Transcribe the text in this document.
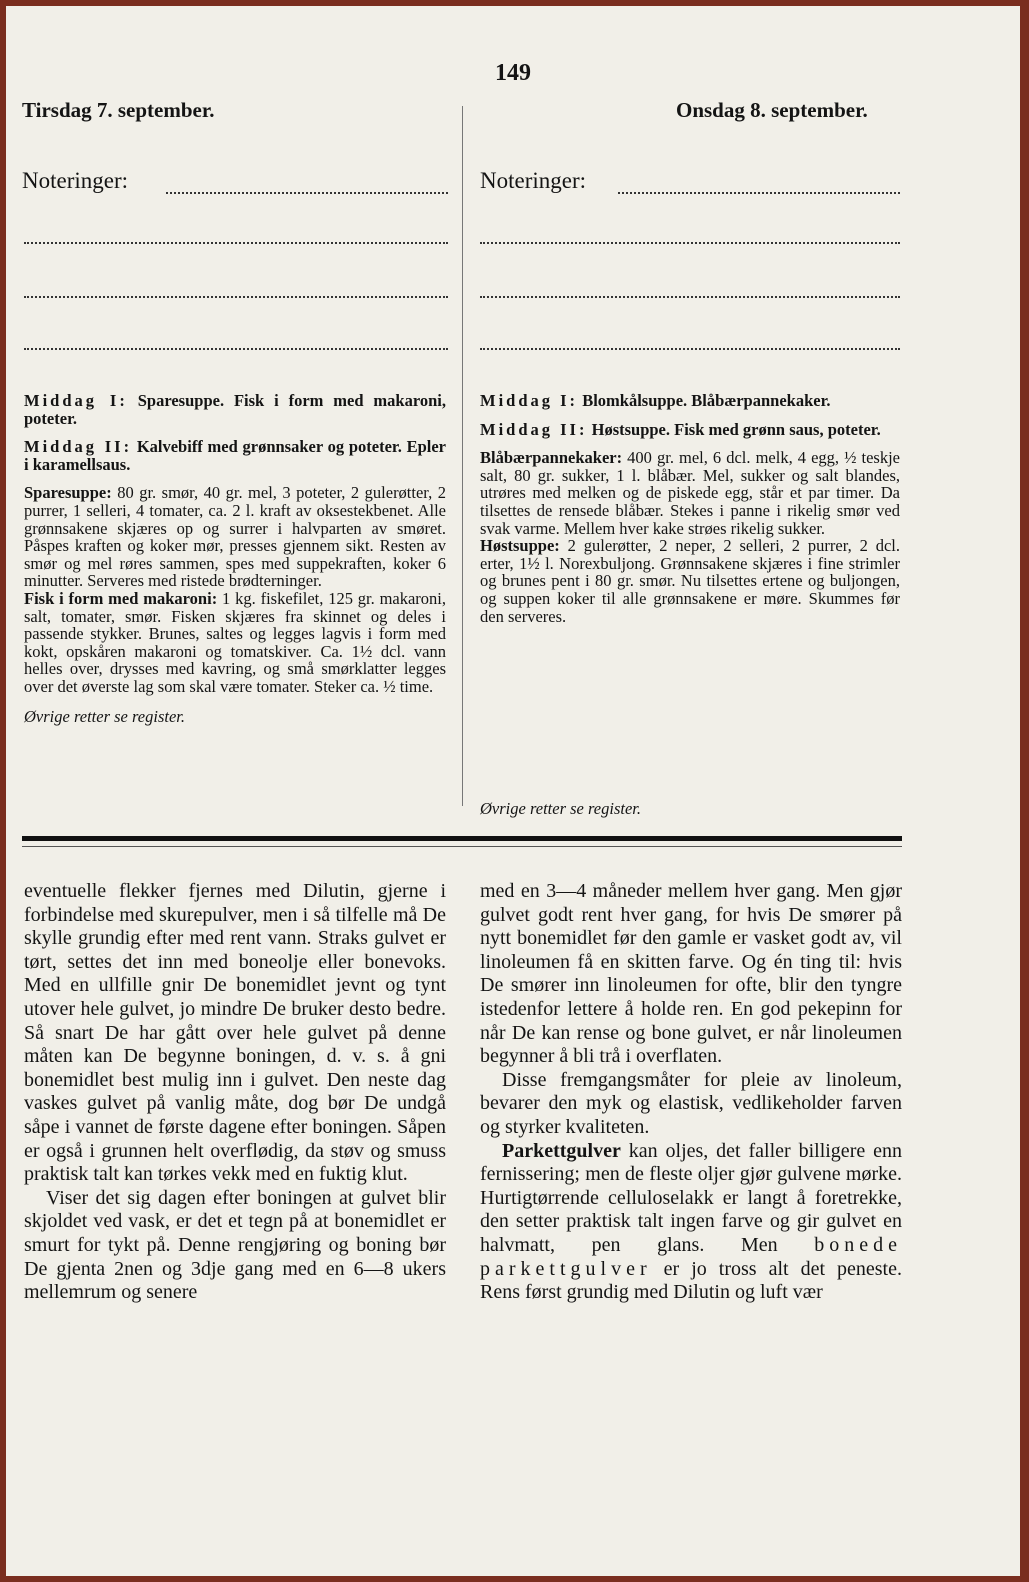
149
Tirsdag 7. september.
Noteringer:

Middag I: Sparesuppe. Fisk i form med makaroni, poteter.

Middag II: Kalvebiff med grønnsaker og poteter. Epler i karamellsaus.

Sparesuppe: 80 gr. smør, 40 gr. mel, 3 poteter, 2 gulerøtter, 2 purrer, 1 selleri, 4 tomater, ca. 2 l. kraft av oksestekbenet. Alle grønnsakene skjæres op og surrer i halvparten av smøret. Påspes kraften og koker mør, presses gjennem sikt. Resten av smør og mel røres sammen, spes med suppekraften, koker 6 minutter. Serveres med ristede brødterninger.

Fisk i form med makaroni: 1 kg. fiskefilet, 125 gr. makaroni, salt, tomater, smør. Fisken skjæres fra skinnet og deles i passende stykker. Brunes, saltes og legges lagvis i form med kokt, opskåren makaroni og tomatskiver. Ca. 1½ dcl. vann helles over, drysses med kavring, og små smørklatter legges over det øverste lag som skal være tomater. Steker ca. ½ time.

Øvrige retter se register.

Onsdag 8. september.
Noteringer:

Middag I: Blomkålsuppe. Blåbærpannekaker.

Middag II: Høstsuppe. Fisk med grønn saus, poteter.

Blåbærpannekaker: 400 gr. mel, 6 dcl. melk, 4 egg, ½ teskje salt, 80 gr. sukker, 1 l. blåbær. Mel, sukker og salt blandes, utrøres med melken og de piskede egg, står et par timer. Da tilsettes de rensede blåbær. Stekes i panne i rikelig smør ved svak varme. Mellem hver kake strøes rikelig sukker.

Høstsuppe: 2 gulerøtter, 2 neper, 2 selleri, 2 purrer, 2 dcl. erter, 1½ l. Norexbuljong. Grønnsakene skjæres i fine strimler og brunes pent i 80 gr. smør. Nu tilsettes ertene og buljongen, og suppen koker til alle grønnsakene er møre. Skummes før den serveres.

Øvrige retter se register.

eventuelle flekker fjernes med Dilutin, gjerne i forbindelse med skurepulver, men i så tilfelle må De skylle grundig efter med rent vann. Straks gulvet er tørt, settes det inn med boneolje eller bonevoks. Med en ullfille gnir De bonemidlet jevnt og tynt utover hele gulvet, jo mindre De bruker desto bedre. Så snart De har gått over hele gulvet på denne måten kan De begynne boningen, d. v. s. å gni bonemidlet best mulig inn i gulvet. Den neste dag vaskes gulvet på vanlig måte, dog bør De undgå såpe i vannet de første dagene efter boningen. Såpen er også i grunnen helt overflødig, da støv og smuss praktisk talt kan tørkes vekk med en fuktig klut.

Viser det sig dagen efter boningen at gulvet blir skjoldet ved vask, er det et tegn på at bonemidlet er smurt for tykt på. Denne rengjøring og boning bør De gjenta 2nen og 3dje gang med en 6—8 ukers mellemrum og senere

med en 3—4 måneder mellem hver gang. Men gjør gulvet godt rent hver gang, for hvis De smører på nytt bonemidlet før den gamle er vasket godt av, vil linoleumen få en skitten farve. Og én ting til: hvis De smører inn linoleumen for ofte, blir den tyngre istedenfor lettere å holde ren. En god pekepinn for når De kan rense og bone gulvet, er når linoleumen begynner å bli trå i overflaten.

Disse fremgangsmåter for pleie av linoleum, bevarer den myk og elastisk, vedlikeholder farven og styrker kvaliteten.

Parkettgulver kan oljes, det faller billigere enn fernissering; men de fleste oljer gjør gulvene mørke. Hurtigtørrende celluloselakk er langt å foretrekke, den setter praktisk talt ingen farve og gir gulvet en halvmatt, pen glans. Men bonede parkettgulver er jo tross alt det peneste. Rens først grundig med Dilutin og luft vær
